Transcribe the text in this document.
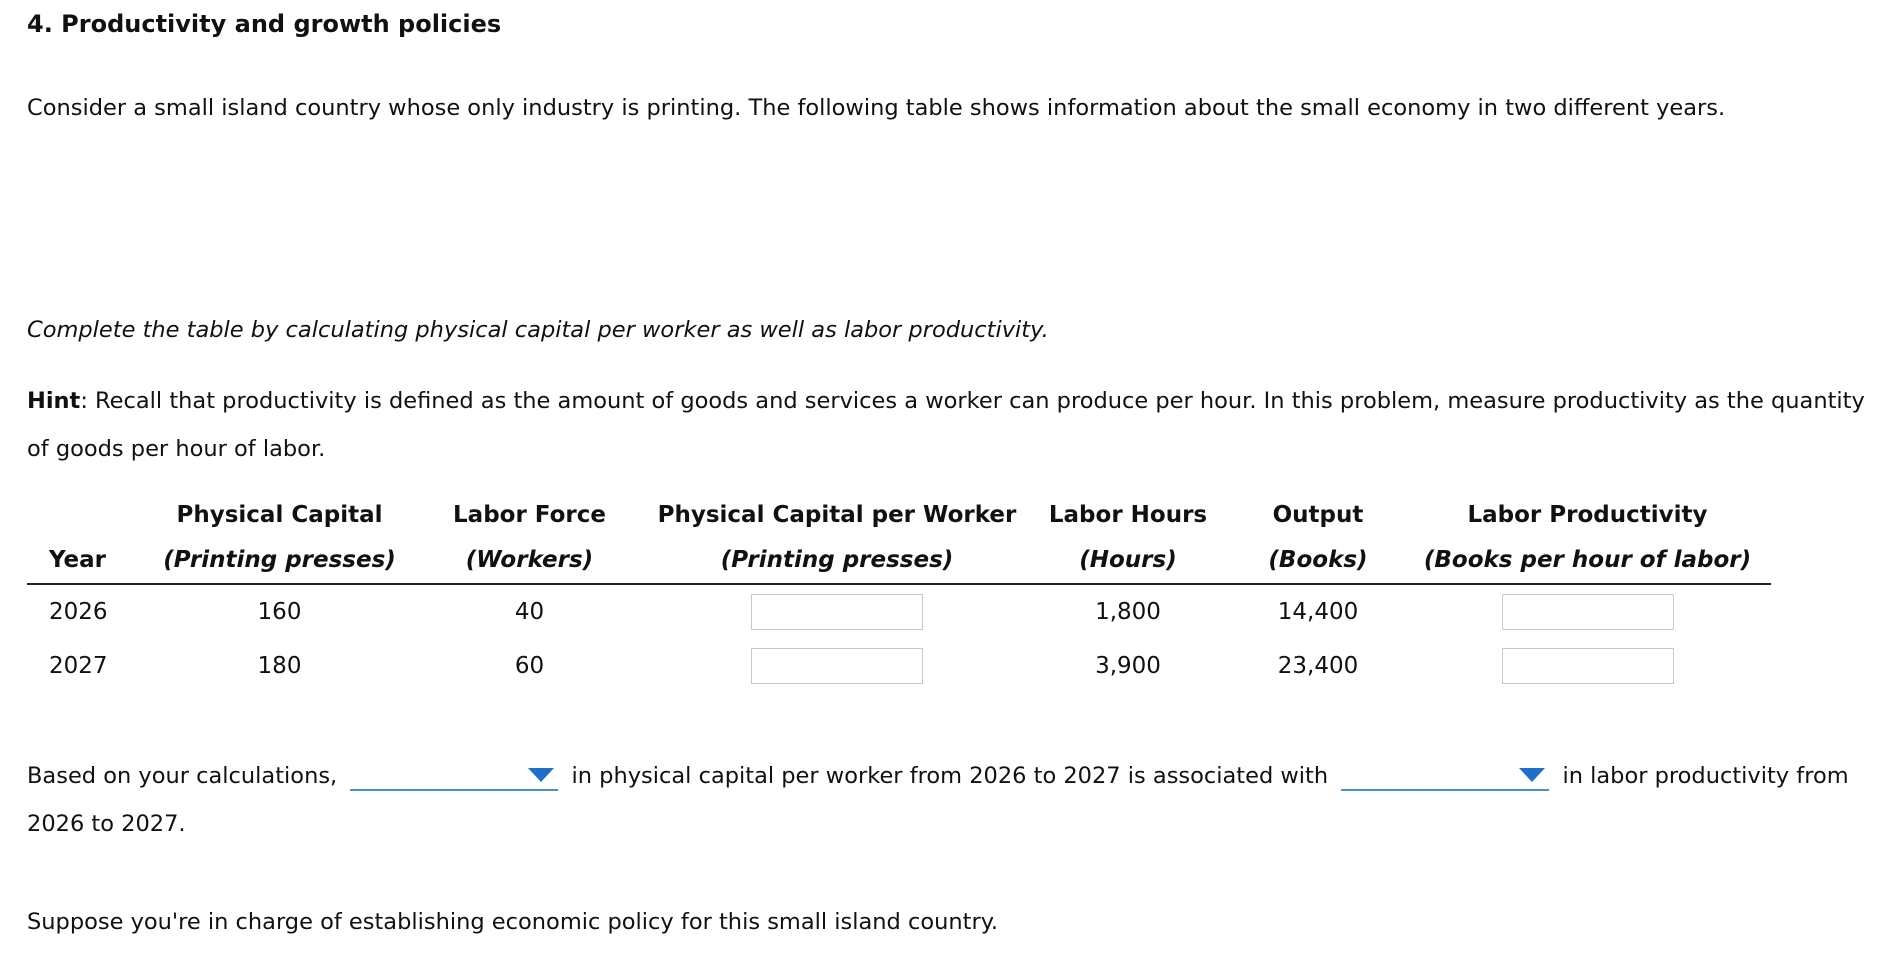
4. Productivity and growth policies

Consider a small island country whose only industry is printing. The following table shows information about the small economy in two different years.

Complete the table by calculating physical capital per worker as well as labor productivity.

Hint: Recall that productivity is defined as the amount of goods and services a worker can produce per hour. In this problem, measure productivity as the quantity of goods per hour of labor.

	Physical Capital	Labor Force	Physical Capital per Worker	Labor Hours	Output	Labor Productivity
Year	(Printing presses)	(Workers)	(Printing presses)	(Hours)	(Books)	(Books per hour of labor)
2026	160	40		1,800	14,400	
2027	180	60		3,900	23,400	

Based on your calculations,	in physical capital per worker from 2026 to 2027 is associated with	in labor productivity from 2026 to 2027.

Suppose you're in charge of establishing economic policy for this small island country.
